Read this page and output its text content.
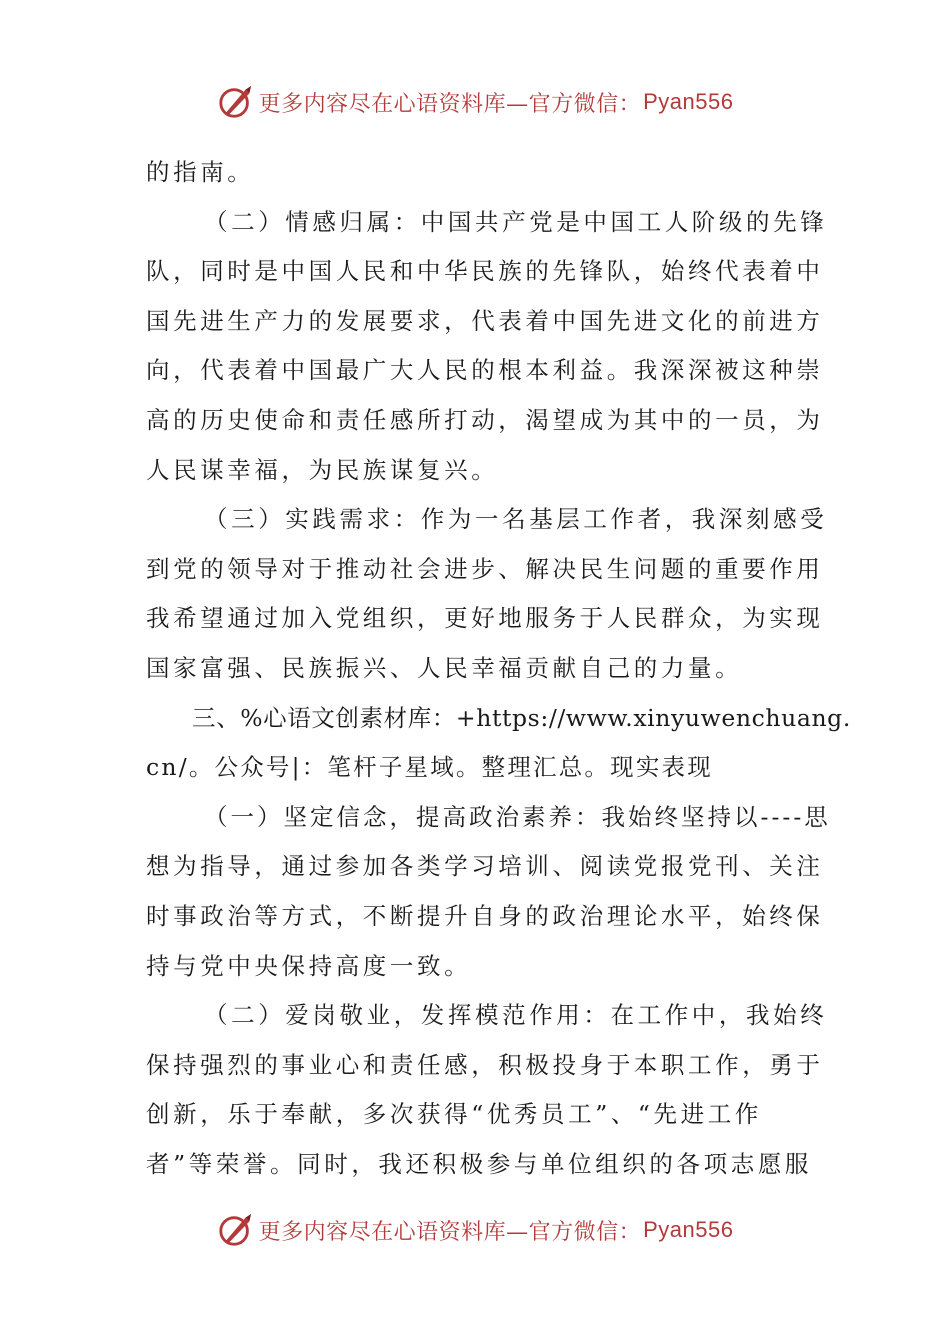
更多内容尽在心语资料库—官方微信： Pyan556

的指南。

（二）情感归属：中国共产党是中国工人阶级的先锋

队，同时是中国人民和中华民族的先锋队，始终代表着中

国先进生产力的发展要求，代表着中国先进文化的前进方

向，代表着中国最广大人民的根本利益。我深深被这种崇

高的历史使命和责任感所打动，渴望成为其中的一员，为

人民谋幸福，为民族谋复兴。

（三）实践需求：作为一名基层工作者，我深刻感受

到党的领导对于推动社会进步、解决民生问题的重要作用

我希望通过加入党组织，更好地服务于人民群众，为实现

国家富强、民族振兴、人民幸福贡献自己的力量。

三、%心语文创素材库：+https://www.xinyuwenchuang.

cn/。公众号|：笔杆子星域。整理汇总。现实表现

（一）坚定信念，提高政治素养：我始终坚持以----思

想为指导，通过参加各类学习培训、阅读党报党刊、关注

时事政治等方式，不断提升自身的政治理论水平，始终保

持与党中央保持高度一致。

（二）爱岗敬业，发挥模范作用：在工作中，我始终

保持强烈的事业心和责任感，积极投身于本职工作，勇于

创新，乐于奉献，多次获得“优秀员工”、“先进工作

者”等荣誉。同时，我还积极参与单位组织的各项志愿服

更多内容尽在心语资料库—官方微信： Pyan556
